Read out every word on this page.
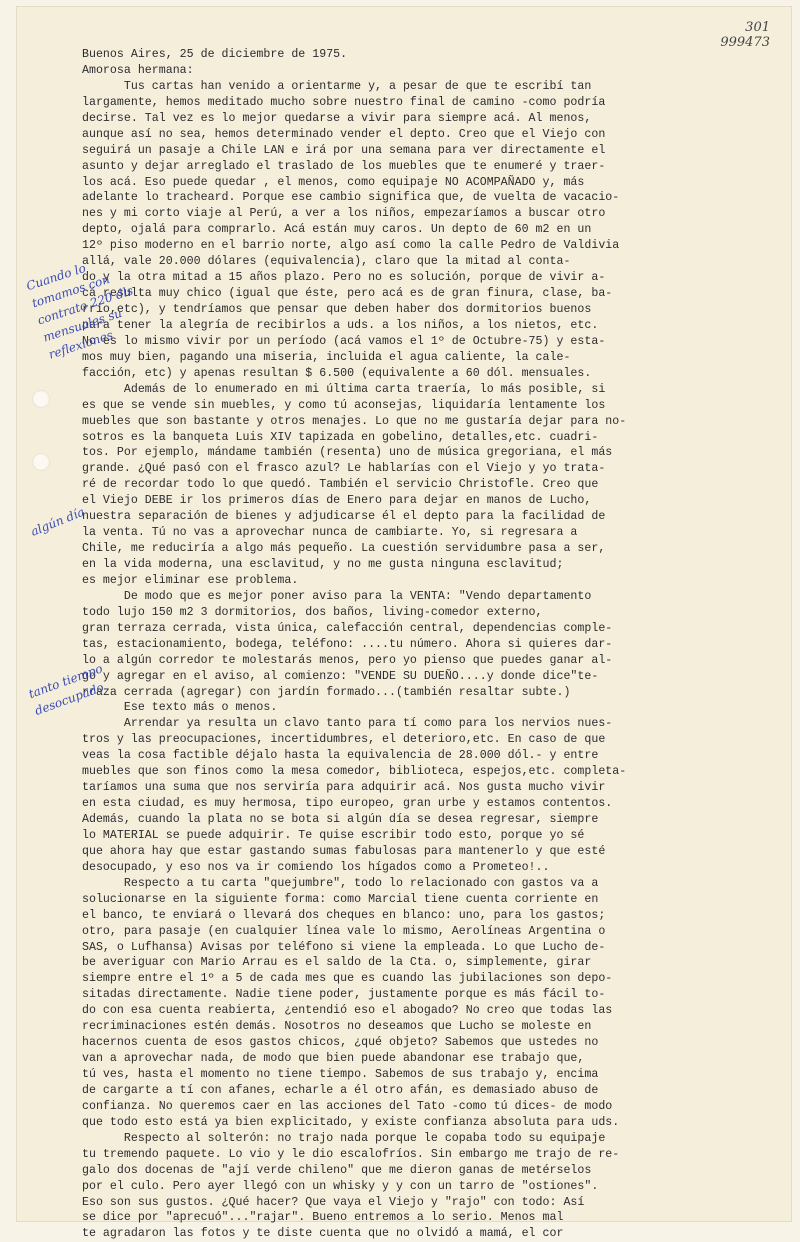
301
999473
Buenos Aires, 25 de diciembre de 1975.
Amorosa hermana:
Tus cartas han venido a orientarme y, a pesar de que te escribí tan
largamente, hemos meditado mucho sobre nuestro final de camino -como podría
decirse. Tal vez es lo mejor quedarse a vivir para siempre acá. Al menos,
aunque así no sea, hemos determinado vender el depto. Creo que el Viejo con
seguirá un pasaje a Chile LAN e irá por una semana para ver directamente el
asunto y dejar arreglado el traslado de los muebles que te enumeré y traer-
los acá. Eso puede quedar , el menos, como equipaje NO ACOMPAÑADO y, más
adelante lo tracheard. Porque ese cambio significa que, de vuelta de vacacio-
nes y mi corto viaje al Perú, a ver a los niños, empezaríamos a buscar otro
depto, ojalá para comprarlo. Acá están muy caros. Un depto de 60 m2 en un
12º piso moderno en el barrio norte, algo así como la calle Pedro de Valdivia
allá, vale 20.000 dólares (equivalencia), claro que la mitad al conta-
do y la otra mitad a 15 años plazo. Pero no es solución, porque de vivir a-
cá resulta muy chico (igual que éste, pero acá es de gran finura, clase, ba-
rrio,etc), y tendríamos que pensar que deben haber dos dormitorios buenos
para tener la alegría de recibirlos a uds. a los niños, a los nietos, etc.
No es lo mismo vivir por un período (acá vamos el 1º de Octubre-75) y esta-
mos muy bien, pagando una miseria, incluida el agua caliente, la cale-
facción, etc) y apenas resultan $ 6.500 (equivalente a 60 dól. mensuales.
Además de lo enumerado en mi última carta traería, lo más posible, si
es que se vende sin muebles, y como tú aconsejas, liquidaría lentamente los
muebles que son bastante y otros menajes. Lo que no me gustaría dejar para no-
sotros es la banqueta Luis XIV tapizada en gobelino, detalles,etc. cuadri-
tos. Por ejemplo, mándame también (resenta) uno de música gregoriana, el más
grande. ¿Qué pasó con el frasco azul? Le hablarías con el Viejo y yo trata-
ré de recordar todo lo que quedó. También el servicio Christofle. Creo que
el Viejo DEBE ir los primeros días de Enero para dejar en manos de Lucho,
nuestra separación de bienes y adjudicarse él el depto para la facilidad de
la venta. Tú no vas a aprovechar nunca de cambiarte. Yo, si regresara a
Chile, me reduciría a algo más pequeño. La cuestión servidumbre pasa a ser,
en la vida moderna, una esclavitud, y no me gusta ninguna esclavitud;
es mejor eliminar ese problema.
De modo que es mejor poner aviso para la VENTA: "Vendo departamento
todo lujo 150 m2 3 dormitorios, dos baños, living-comedor externo,
gran terraza cerrada, vista única, calefacción central, dependencias comple-
tas, estacionamiento, bodega, teléfono: ....tu número. Ahora si quieres dar-
lo a algún corredor te molestarás menos, pero yo pienso que puedes ganar al-
go y agregar en el aviso, al comienzo: "VENDE SU DUEÑO....y donde dice"te-
rraza cerrada (agregar) con jardín formado...(también resaltar subte.)
Ese texto más o menos.
Arrendar ya resulta un clavo tanto para tí como para los nervios nues-
tros y las preocupaciones, incertidumbres, el deterioro,etc. En caso de que
veas la cosa factible déjalo hasta la equivalencia de 28.000 dól.- y entre
muebles que son finos como la mesa comedor, biblioteca, espejos,etc. completa-
taríamos una suma que nos serviría para adquirir acá. Nos gusta mucho vivir
en esta ciudad, es muy hermosa, tipo europeo, gran urbe y estamos contentos.
Además, cuando la plata no se bota si algún día se desea regresar, siempre
lo MATERIAL se puede adquirir. Te quise escribir todo esto, porque yo sé
que ahora hay que estar gastando sumas fabulosas para mantenerlo y que esté
desocupado, y eso nos va ir comiendo los hígados como a Prometeo!..
Respecto a tu carta "quejumbre", todo lo relacionado con gastos va a
solucionarse en la siguiente forma: como Marcial tiene cuenta corriente en
el banco, te enviará o llevará dos cheques en blanco: uno, para los gastos;
otro, para pasaje (en cualquier línea vale lo mismo, Aerolíneas Argentina o
SAS, o Lufhansa) Avisas por teléfono si viene la empleada. Lo que Lucho de-
be averiguar con Mario Arrau es el saldo de la Cta. o, simplemente, girar
siempre entre el 1º a 5 de cada mes que es cuando las jubilaciones son depo-
sitadas directamente. Nadie tiene poder, justamente porque es más fácil to-
do con esa cuenta reabierta, ¿entendió eso el abogado? No creo que todas las
recriminaciones estén demás. Nosotros no deseamos que Lucho se moleste en
hacernos cuenta de esos gastos chicos, ¿qué objeto? Sabemos que ustedes no
van a aprovechar nada, de modo que bien puede abandonar ese trabajo que,
tú ves, hasta el momento no tiene tiempo. Sabemos de sus trabajo y, encima
de cargarte a tí con afanes, echarle a él otro afán, es demasiado abuso de
confianza. No queremos caer en las acciones del Tato -como tú dices- de modo
que todo esto está ya bien explicitado, y existe confianza absoluta para uds.
Respecto al solterón: no trajo nada porque le copaba todo su equipaje
tu tremendo paquete. Lo vio y le dio escalofríos. Sin embargo me trajo de re-
galo dos docenas de "ají verde chileno" que me dieron ganas de metérselos
por el culo. Pero ayer llegó con un whisky y y con un tarro de "ostiones".
Eso son sus gustos. ¿Qué hacer? Que vaya el Viejo y "rajo" con todo: Así
se dice por "aprecuó"..."rajar". Bueno entremos a lo serio. Menos mal
te agradaron las fotos y te diste cuenta que no olvidó a mamá, el cor
Cuando lo tomamos con contrato 220 dls mensuales su reflexiones
algún día
tanto tiempo desocupado
